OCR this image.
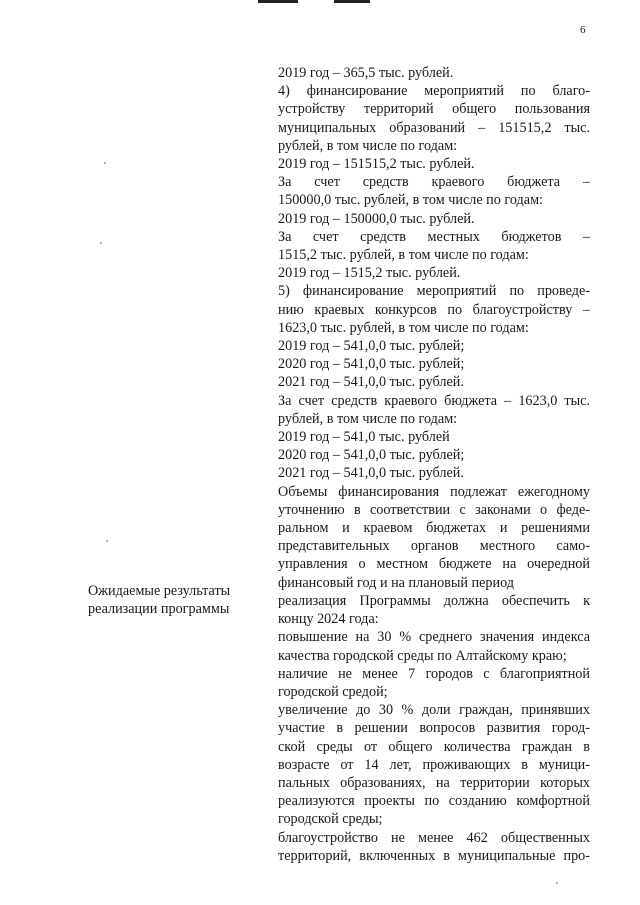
6
2019 год – 365,5 тыс. рублей.
4) финансирование мероприятий по благо-
устройству территорий общего пользования
муниципальных образований – 151515,2 тыс.
рублей, в том числе по годам:
2019 год – 151515,2 тыс. рублей.
За счет средств краевого бюджета –
150000,0 тыс. рублей, в том числе по годам:
2019 год – 150000,0 тыс. рублей.
За счет средств местных бюджетов –
1515,2 тыс. рублей, в том числе по годам:
2019 год – 1515,2 тыс. рублей.
5) финансирование мероприятий по проведе-
нию краевых конкурсов по благоустройству –
1623,0 тыс. рублей, в том числе по годам:
2019 год – 541,0,0 тыс. рублей;
2020 год – 541,0,0 тыс. рублей;
2021 год – 541,0,0 тыс. рублей.
За счет средств краевого бюджета – 1623,0 тыс.
рублей, в том числе по годам:
2019 год – 541,0 тыс. рублей
2020 год – 541,0,0 тыс. рублей;
2021 год – 541,0,0 тыс. рублей.
Объемы финансирования подлежат ежегодному
уточнению в соответствии с законами о феде-
ральном и краевом бюджетах и решениями
представительных органов местного само-
управления о местном бюджете на очередной
финансовый год и на плановый период
реализация Программы должна обеспечить к
концу 2024 года:
повышение на 30 % среднего значения индекса
качества городской среды по Алтайскому краю;
наличие не менее 7 городов с благоприятной
городской средой;
увеличение до 30 % доли граждан, принявших
участие в решении вопросов развития город-
ской среды от общего количества граждан в
возрасте от 14 лет, проживающих в муници-
пальных образованиях, на территории которых
реализуются проекты по созданию комфортной
городской среды;
благоустройство не менее 462 общественных
территорий, включенных в муниципальные про-
Ожидаемые результаты
реализации программы
